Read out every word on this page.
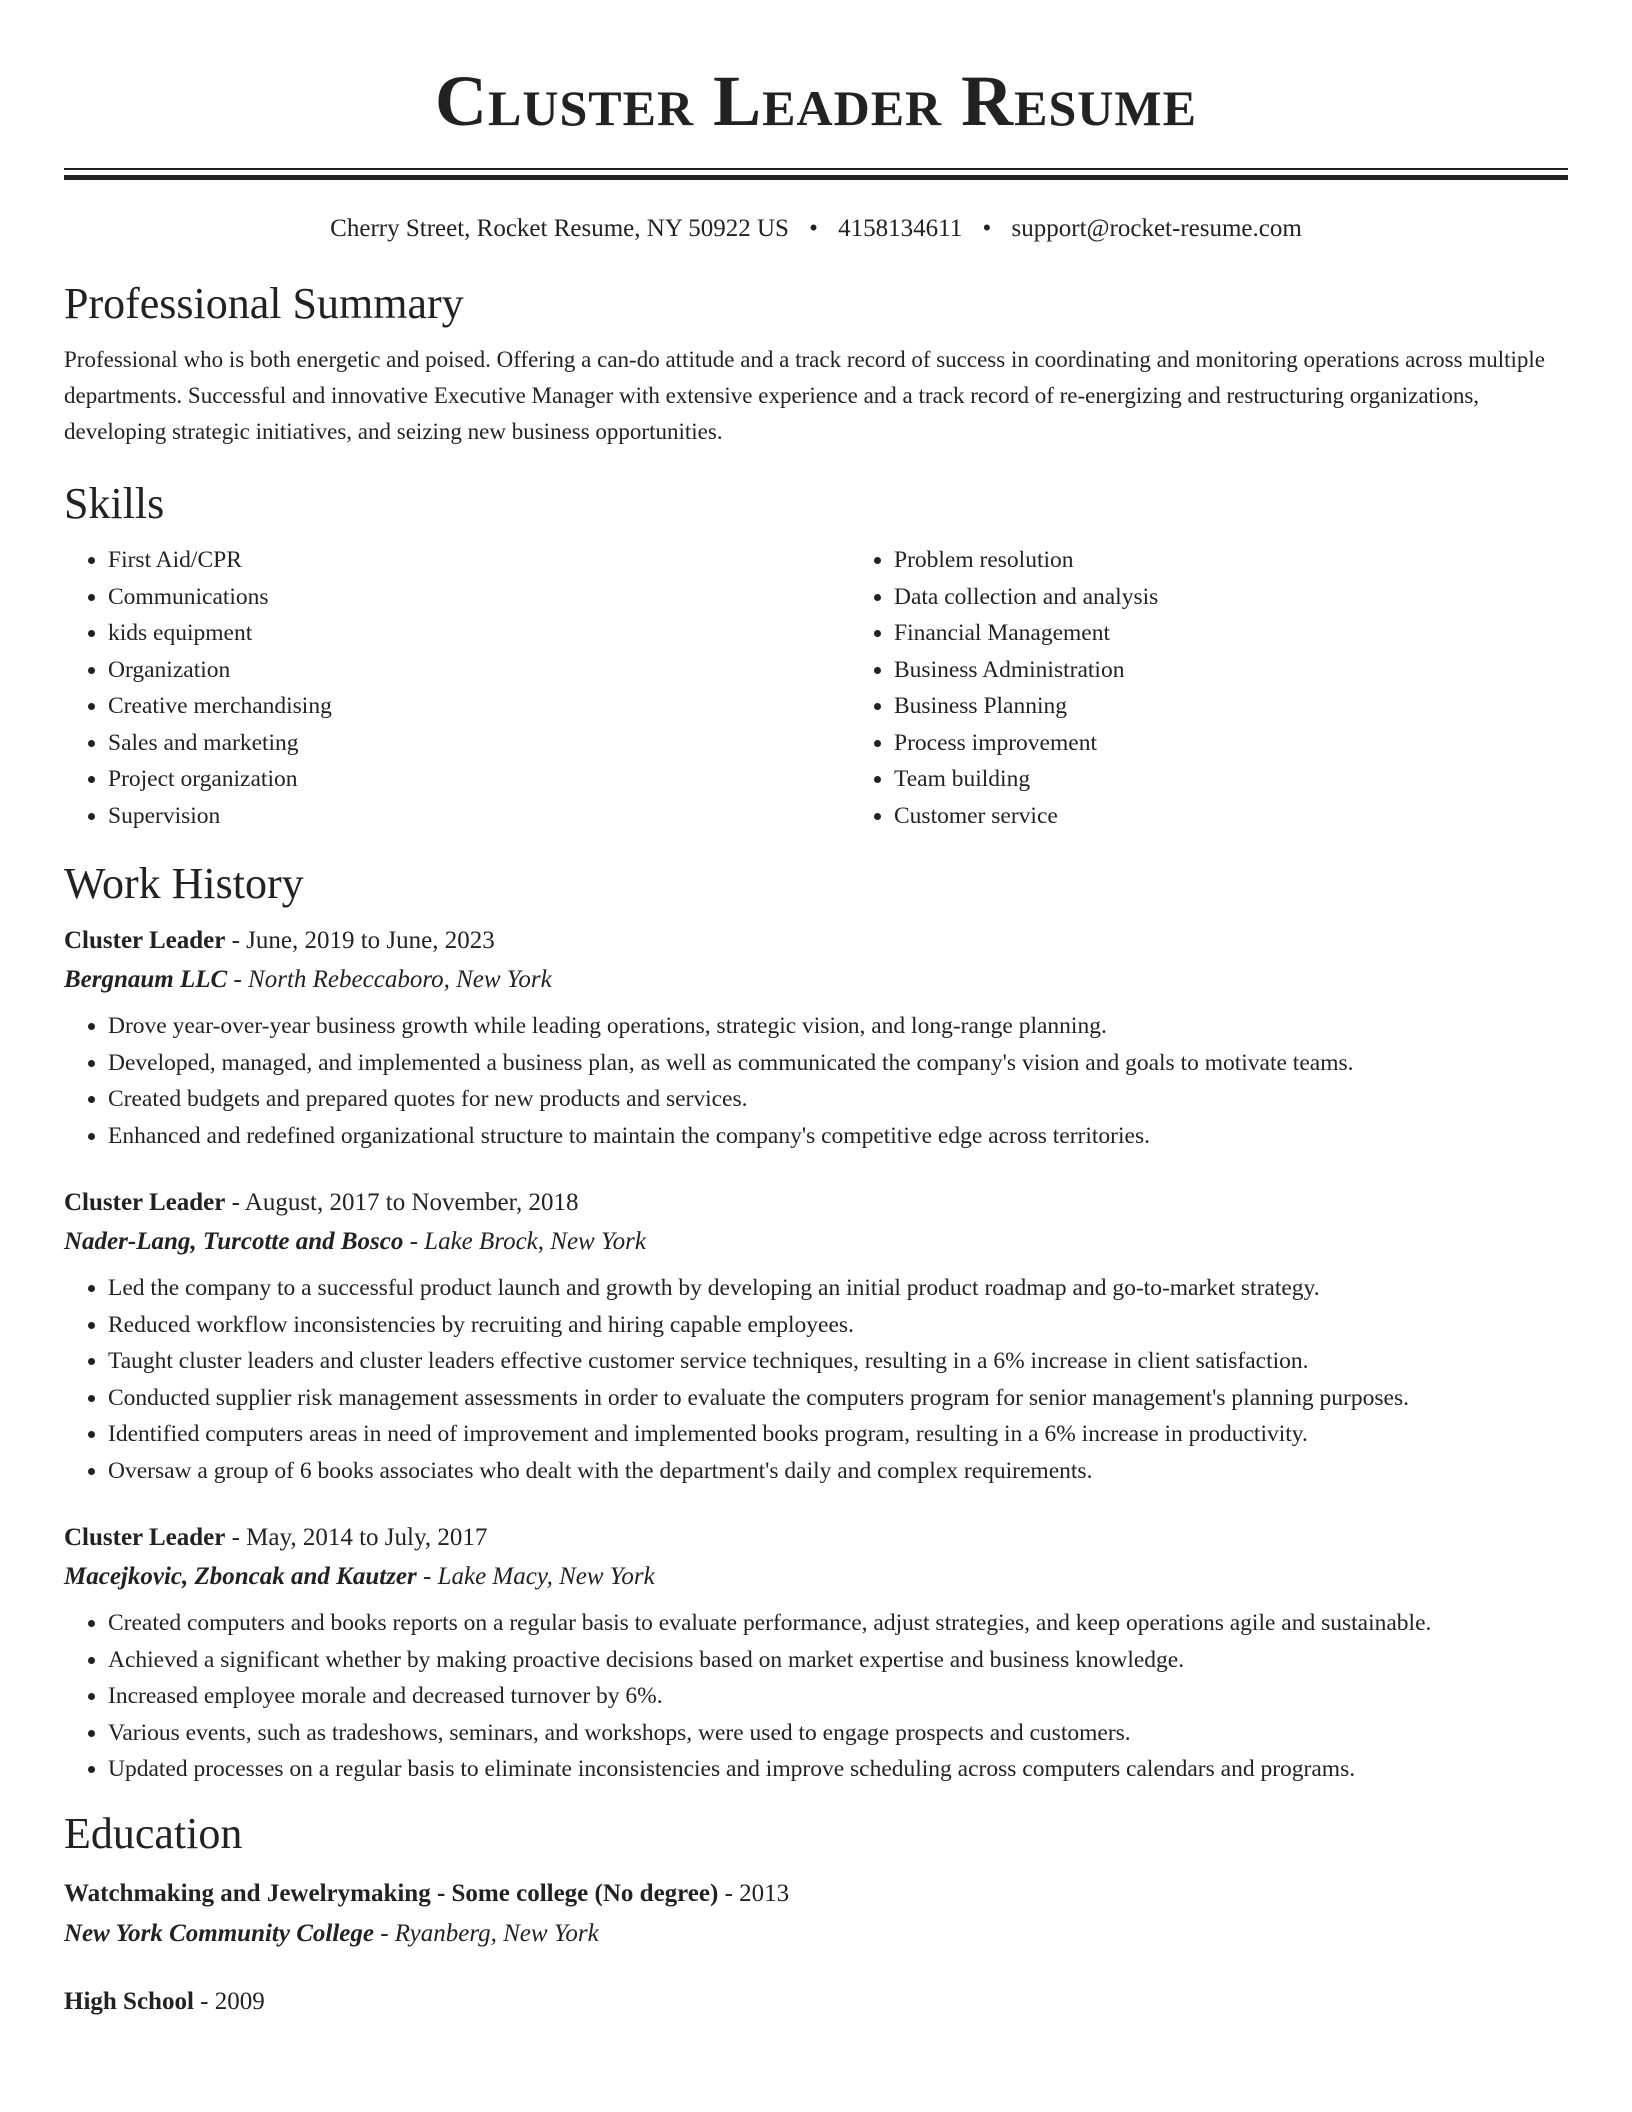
Cluster Leader Resume
Cherry Street, Rocket Resume, NY 50922 US • 4158134611 • support@rocket-resume.com
Professional Summary

Professional who is both energetic and poised. Offering a can-do attitude and a track record of success in coordinating and monitoring operations across multiple departments. Successful and innovative Executive Manager with extensive experience and a track record of re-energizing and restructuring organizations, developing strategic initiatives, and seizing new business opportunities.

Skills
• First Aid/CPR
• Communications
• kids equipment
• Organization
• Creative merchandising
• Sales and marketing
• Project organization
• Supervision
• Problem resolution
• Data collection and analysis
• Financial Management
• Business Administration
• Business Planning
• Process improvement
• Team building
• Customer service
Work History
Cluster Leader - June, 2019 to June, 2023
Bergnaum LLC - North Rebeccaboro, New York
• Drove year-over-year business growth while leading operations, strategic vision, and long-range planning.
• Developed, managed, and implemented a business plan, as well as communicated the company's vision and goals to motivate teams.
• Created budgets and prepared quotes for new products and services.
• Enhanced and redefined organizational structure to maintain the company's competitive edge across territories.
Cluster Leader - August, 2017 to November, 2018
Nader-Lang, Turcotte and Bosco - Lake Brock, New York
• Led the company to a successful product launch and growth by developing an initial product roadmap and go-to-market strategy.
• Reduced workflow inconsistencies by recruiting and hiring capable employees.
• Taught cluster leaders and cluster leaders effective customer service techniques, resulting in a 6% increase in client satisfaction.
• Conducted supplier risk management assessments in order to evaluate the computers program for senior management's planning purposes.
• Identified computers areas in need of improvement and implemented books program, resulting in a 6% increase in productivity.
• Oversaw a group of 6 books associates who dealt with the department's daily and complex requirements.
Cluster Leader - May, 2014 to July, 2017
Macejkovic, Zboncak and Kautzer - Lake Macy, New York
• Created computers and books reports on a regular basis to evaluate performance, adjust strategies, and keep operations agile and sustainable.
• Achieved a significant whether by making proactive decisions based on market expertise and business knowledge.
• Increased employee morale and decreased turnover by 6%.
• Various events, such as tradeshows, seminars, and workshops, were used to engage prospects and customers.
• Updated processes on a regular basis to eliminate inconsistencies and improve scheduling across computers calendars and programs.
Education
Watchmaking and Jewelrymaking - Some college (No degree) - 2013
New York Community College - Ryanberg, New York
High School - 2009
